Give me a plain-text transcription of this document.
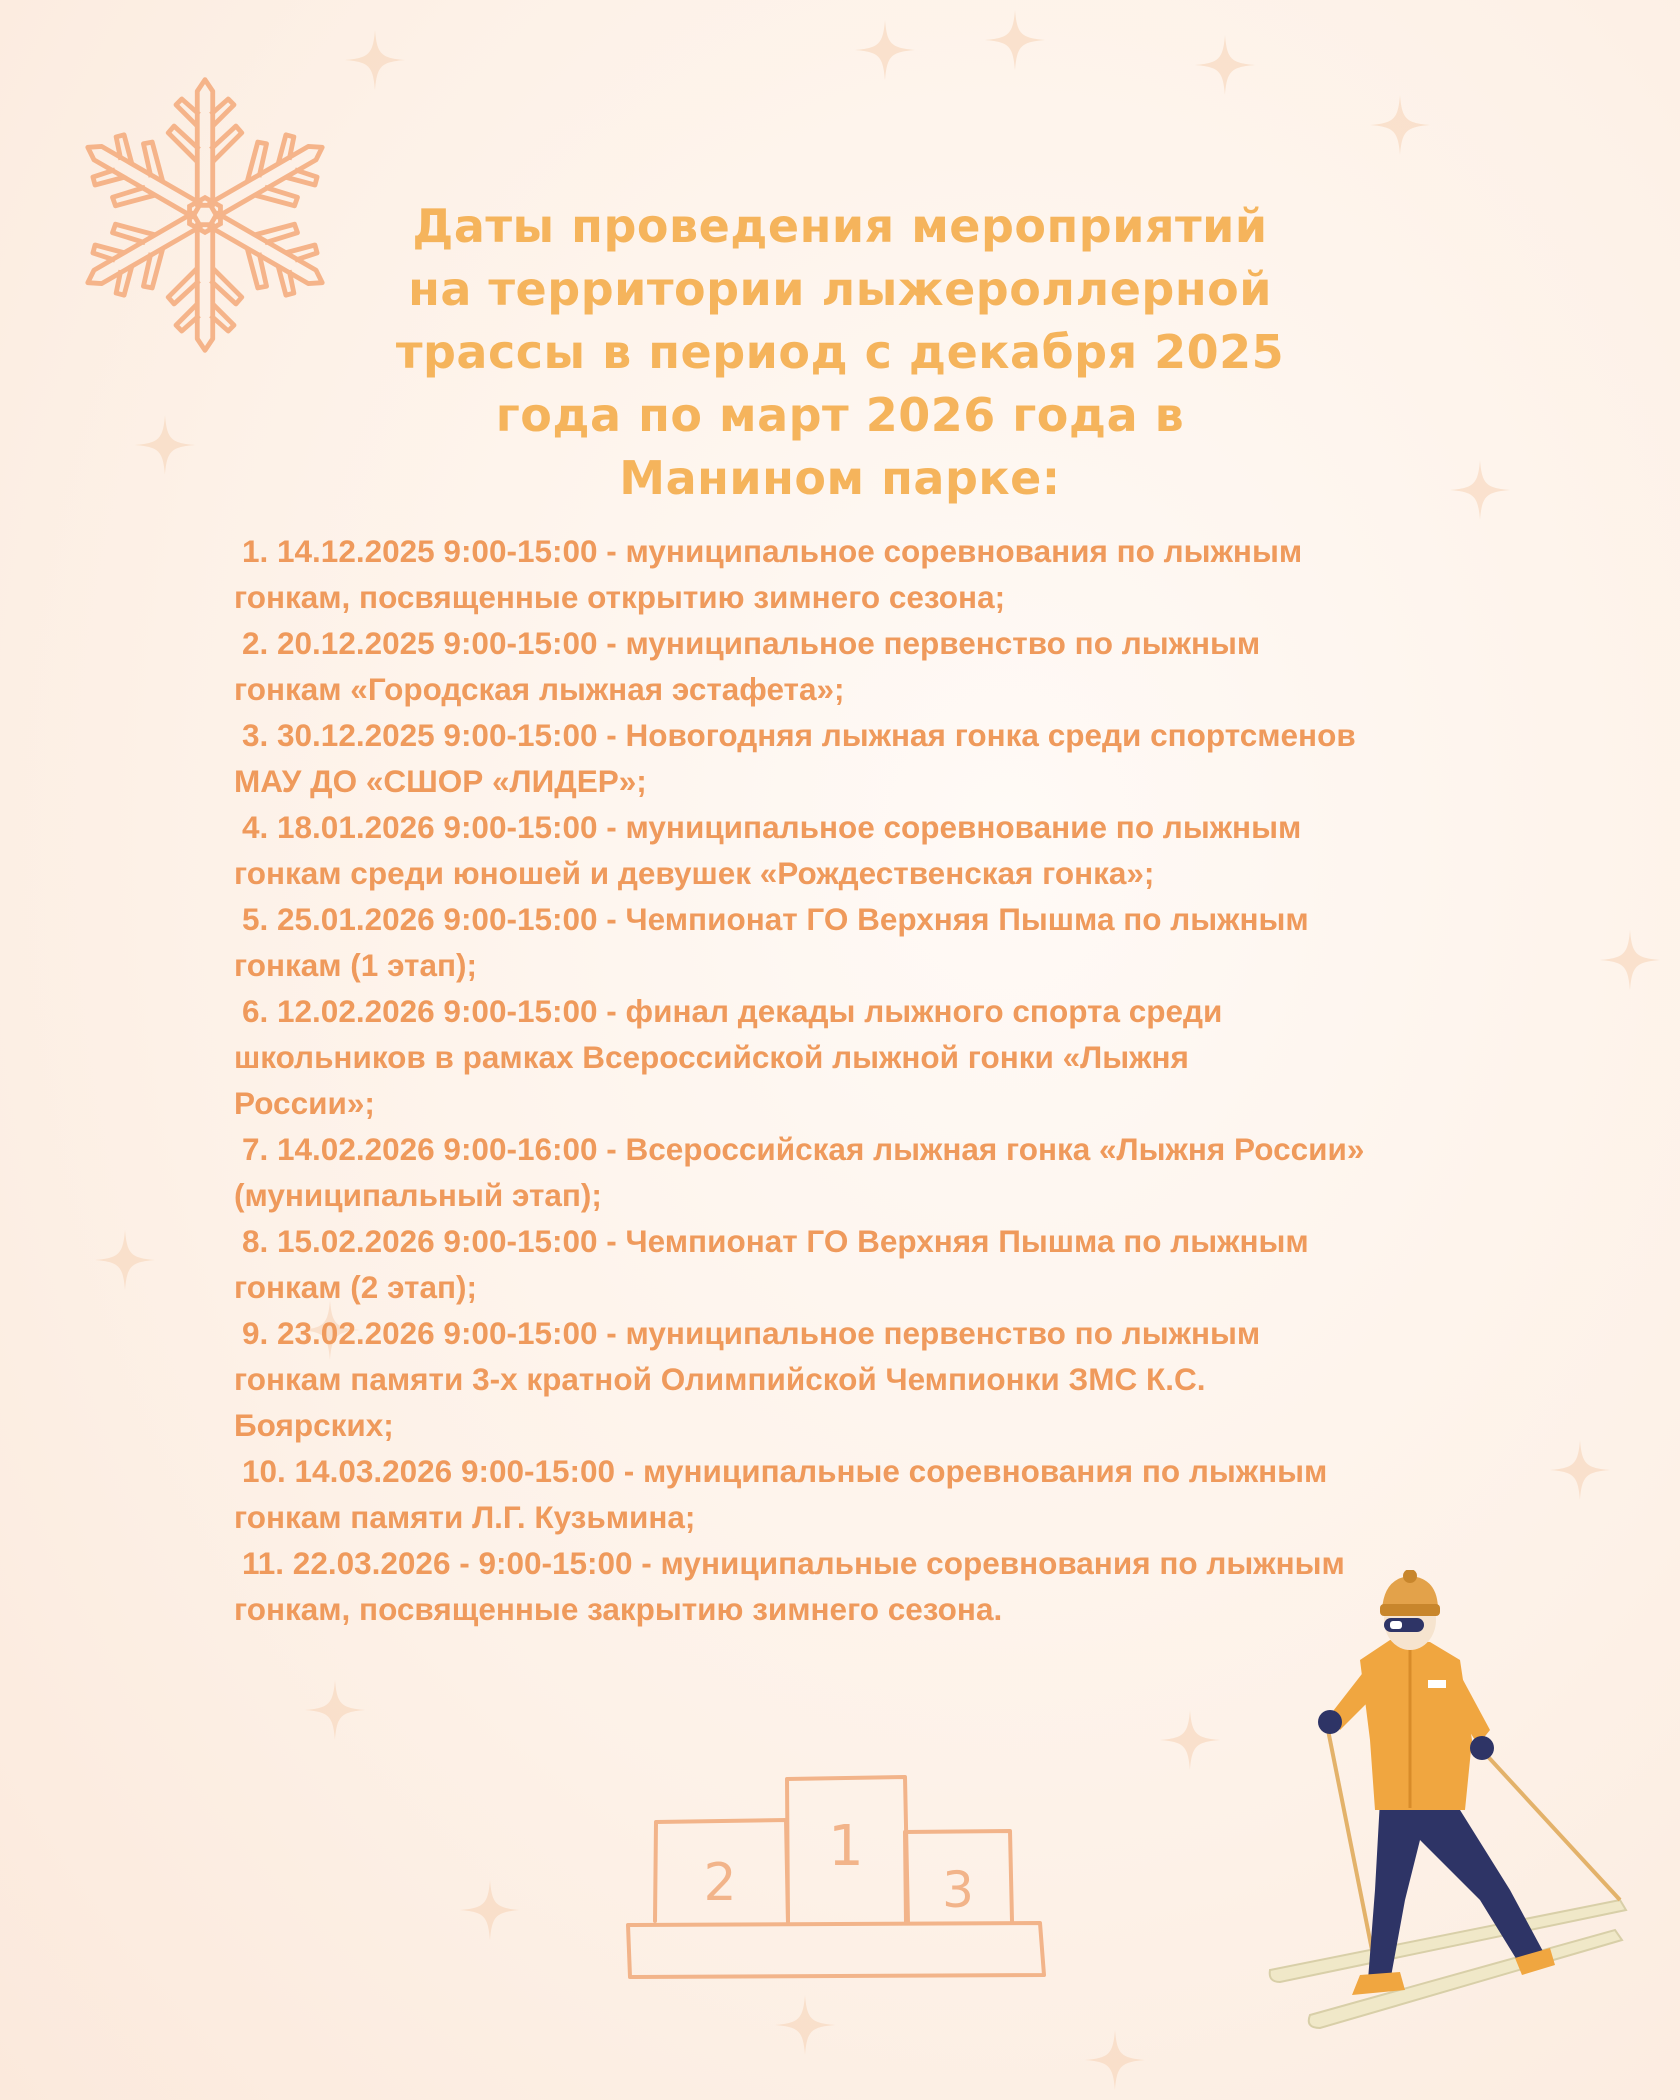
Даты проведения мероприятий
на территории лыжероллерной
трассы в период с декабря 2025
года по март 2026 года в
Манином парке:
1. 14.12.2025 9:00-15:00 - муниципальное соревнования по лыжным
гонкам, посвященные открытию зимнего сезона;
2. 20.12.2025 9:00-15:00 - муниципальное первенство по лыжным
гонкам «Городская лыжная эстафета»;
3. 30.12.2025 9:00-15:00 - Новогодняя лыжная гонка среди спортсменов
МАУ ДО «СШОР «ЛИДЕР»;
4. 18.01.2026 9:00-15:00 - муниципальное соревнование по лыжным
гонкам среди юношей и девушек «Рождественская гонка»;
5. 25.01.2026 9:00-15:00 - Чемпионат ГО Верхняя Пышма по лыжным
гонкам (1 этап);
6. 12.02.2026 9:00-15:00 - финал декады лыжного спорта среди
школьников в рамках Всероссийской лыжной гонки «Лыжня
России»;
7. 14.02.2026 9:00-16:00 - Всероссийская лыжная гонка «Лыжня России»
(муниципальный этап);
8. 15.02.2026 9:00-15:00 - Чемпионат ГО Верхняя Пышма по лыжным
гонкам (2 этап);
9. 23.02.2026 9:00-15:00 - муниципальное первенство по лыжным
гонкам памяти 3-х кратной Олимпийской Чемпионки ЗМС К.С.
Боярских;
10. 14.03.2026 9:00-15:00 - муниципальные соревнования по лыжным
гонкам памяти Л.Г. Кузьмина;
11. 22.03.2026 - 9:00-15:00 - муниципальные соревнования по лыжным
гонкам, посвященные закрытию зимнего сезона.
2
1
3
